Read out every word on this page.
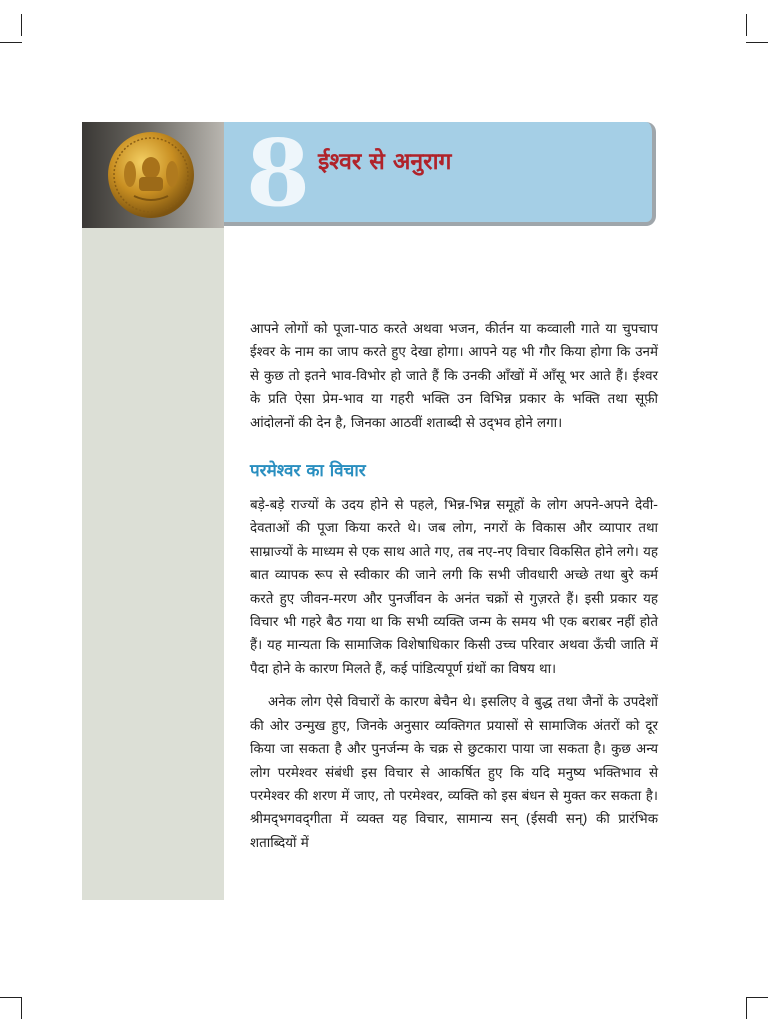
8 ईश्वर से अनुराग

आपने लोगों को पूजा-पाठ करते अथवा भजन, कीर्तन या कव्वाली गाते या चुपचाप ईश्वर के नाम का जाप करते हुए देखा होगा। आपने यह भी गौर किया होगा कि उनमें से कुछ तो इतने भाव-विभोर हो जाते हैं कि उनकी आँखों में आँसू भर आते हैं। ईश्वर के प्रति ऐसा प्रेम-भाव या गहरी भक्ति उन विभिन्न प्रकार के भक्ति तथा सूफ़ी आंदोलनों की देन है, जिनका आठवीं शताब्दी से उद्‌भव होने लगा।

परमेश्वर का विचार

बड़े-बड़े राज्यों के उदय होने से पहले, भिन्न-भिन्न समूहों के लोग अपने-अपने देवी-देवताओं की पूजा किया करते थे। जब लोग, नगरों के विकास और व्यापार तथा साम्राज्यों के माध्यम से एक साथ आते गए, तब नए-नए विचार विकसित होने लगे। यह बात व्यापक रूप से स्वीकार की जाने लगी कि सभी जीवधारी अच्छे तथा बुरे कर्म करते हुए जीवन-मरण और पुनर्जीवन के अनंत चक्रों से गुज़रते हैं। इसी प्रकार यह विचार भी गहरे बैठ गया था कि सभी व्यक्ति जन्म के समय भी एक बराबर नहीं होते हैं। यह मान्यता कि सामाजिक विशेषाधिकार किसी उच्च परिवार अथवा ऊँची जाति में पैदा होने के कारण मिलते हैं, कई पांडित्यपूर्ण ग्रंथों का विषय था।

अनेक लोग ऐसे विचारों के कारण बेचैन थे। इसलिए वे बुद्ध तथा जैनों के उपदेशों की ओर उन्मुख हुए, जिनके अनुसार व्यक्तिगत प्रयासों से सामाजिक अंतरों को दूर किया जा सकता है और पुनर्जन्म के चक्र से छुटकारा पाया जा सकता है। कुछ अन्य लोग परमेश्वर संबंधी इस विचार से आकर्षित हुए कि यदि मनुष्य भक्तिभाव से परमेश्वर की शरण में जाए, तो परमेश्वर, व्यक्ति को इस बंधन से मुक्त कर सकता है। श्रीमद्‌भगवद्‌गीता में व्यक्त यह विचार, सामान्य सन् (ईसवी सन्) की प्रारंभिक शताब्दियों में
